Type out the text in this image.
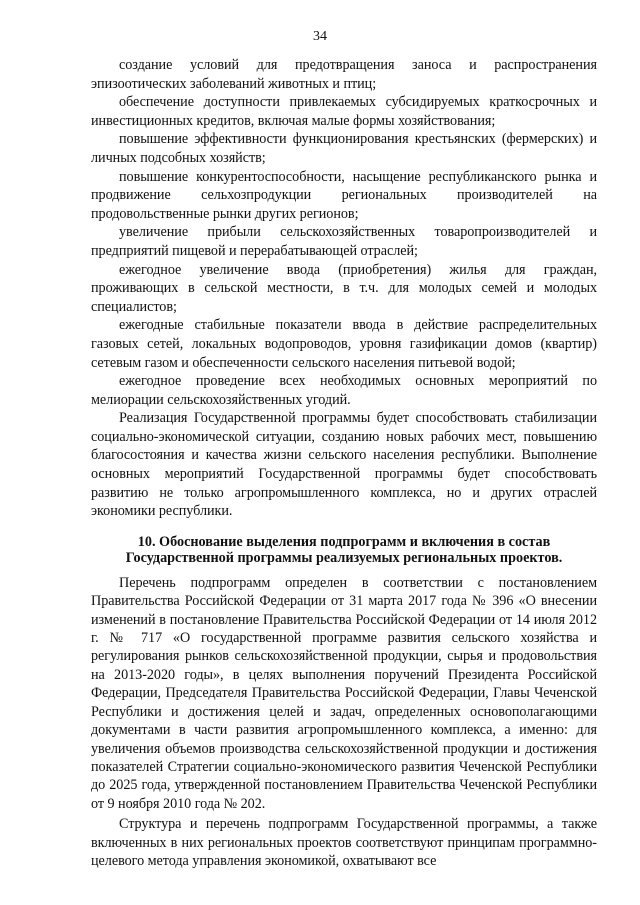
34

создание условий для предотвращения заноса и распространения эпизоотических заболеваний животных и птиц;

обеспечение доступности привлекаемых субсидируемых краткосрочных и инвестиционных кредитов, включая малые формы хозяйствования;

повышение эффективности функционирования крестьянских (фермерских) и личных подсобных хозяйств;

повышение конкурентоспособности, насыщение республиканского рынка и продвижение сельхозпродукции региональных производителей на продовольственные рынки других регионов;

увеличение прибыли сельскохозяйственных товаропроизводителей и предприятий пищевой и перерабатывающей отраслей;

ежегодное увеличение ввода (приобретения) жилья для граждан, проживающих в сельской местности, в т.ч. для молодых семей и молодых специалистов;

ежегодные стабильные показатели ввода в действие распределительных газовых сетей, локальных водопроводов, уровня газификации домов (квартир) сетевым газом и обеспеченности сельского населения питьевой водой;

ежегодное проведение всех необходимых основных мероприятий по мелиорации сельскохозяйственных угодий.

Реализация Государственной программы будет способствовать стабилизации социально-экономической ситуации, созданию новых рабочих мест, повышению благосостояния и качества жизни сельского населения республики. Выполнение основных мероприятий Государственной программы будет способствовать развитию не только агропромышленного комплекса, но и других отраслей экономики республики.

10. Обоснование выделения подпрограмм и включения в состав Государственной программы реализуемых региональных проектов.

Перечень подпрограмм определен в соответствии с постановлением Правительства Российской Федерации от 31 марта 2017 года № 396 «О внесении изменений в постановление Правительства Российской Федерации от 14 июля 2012 г. № 717 «О государственной программе развития сельского хозяйства и регулирования рынков сельскохозяйственной продукции, сырья и продовольствия на 2013-2020 годы», в целях выполнения поручений Президента Российской Федерации, Председателя Правительства Российской Федерации, Главы Чеченской Республики и достижения целей и задач, определенных основополагающими документами в части развития агропромышленного комплекса, а именно: для увеличения объемов производства сельскохозяйственной продукции и достижения показателей Стратегии социально-экономического развития Чеченской Республики до 2025 года, утвержденной постановлением Правительства Чеченской Республики от 9 ноября 2010 года № 202.

Структура и перечень подпрограмм Государственной программы, а также включенных в них региональных проектов соответствуют принципам программно-целевого метода управления экономикой, охватывают все
